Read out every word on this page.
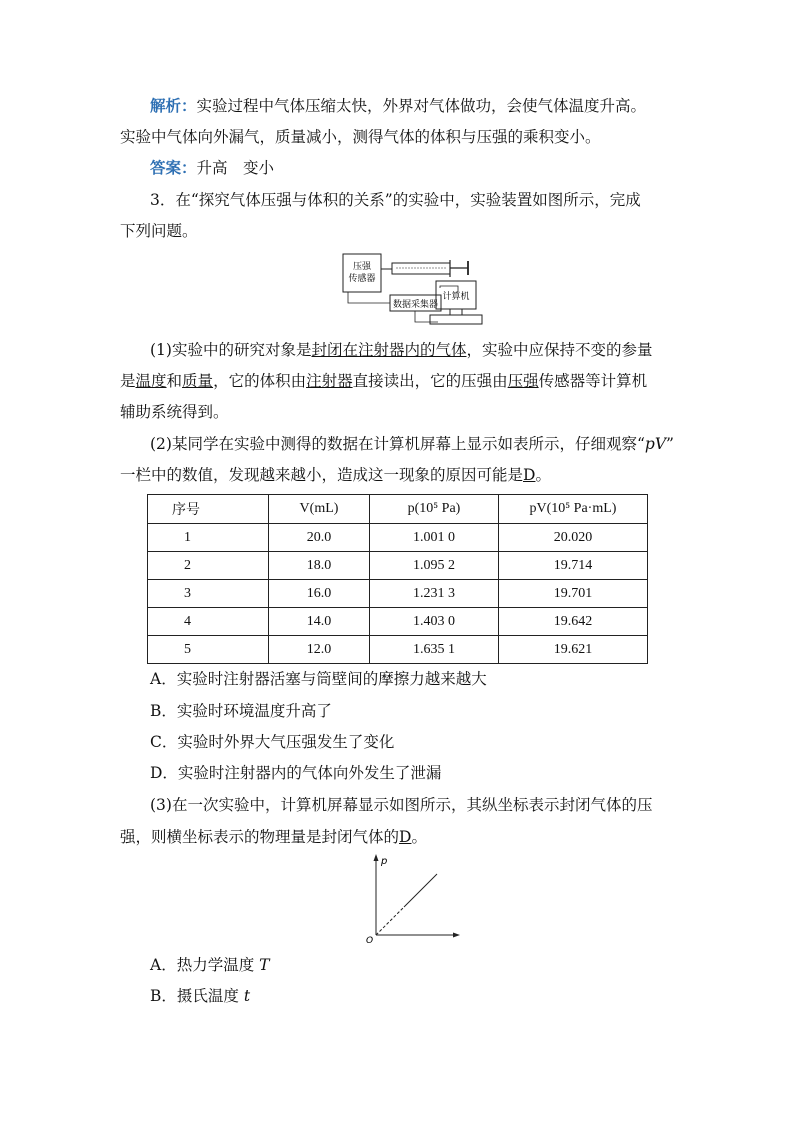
解析：实验过程中气体压缩太快，外界对气体做功，会使气体温度升高。
实验中气体向外漏气，质量减小，测得气体的体积与压强的乘积变小。
答案：升高　变小
3．在“探究气体压强与体积的关系”的实验中，实验装置如图所示，完成
下列问题。
压强
传感器
数据采集器
计算机
(1)实验中的研究对象是封闭在注射器内的气体，实验中应保持不变的参量
是温度和质量，它的体积由注射器直接读出，它的压强由压强传感器等计算机
辅助系统得到。
(2)某同学在实验中测得的数据在计算机屏幕上显示如表所示，仔细观察“pV”
一栏中的数值，发现越来越小，造成这一现象的原因可能是D。
序号	V(mL)	p(10⁵ Pa)	pV(10⁵ Pa·mL)
1	20.0	1.001 0	20.020
2	18.0	1.095 2	19.714
3	16.0	1.231 3	19.701
4	14.0	1.403 0	19.642
5	12.0	1.635 1	19.621
A．实验时注射器活塞与筒壁间的摩擦力越来越大
B．实验时环境温度升高了
C．实验时外界大气压强发生了变化
D．实验时注射器内的气体向外发生了泄漏
(3)在一次实验中，计算机屏幕显示如图所示，其纵坐标表示封闭气体的压
强，则横坐标表示的物理量是封闭气体的D。
p
O
A．热力学温度 T
B．摄氏温度 t
